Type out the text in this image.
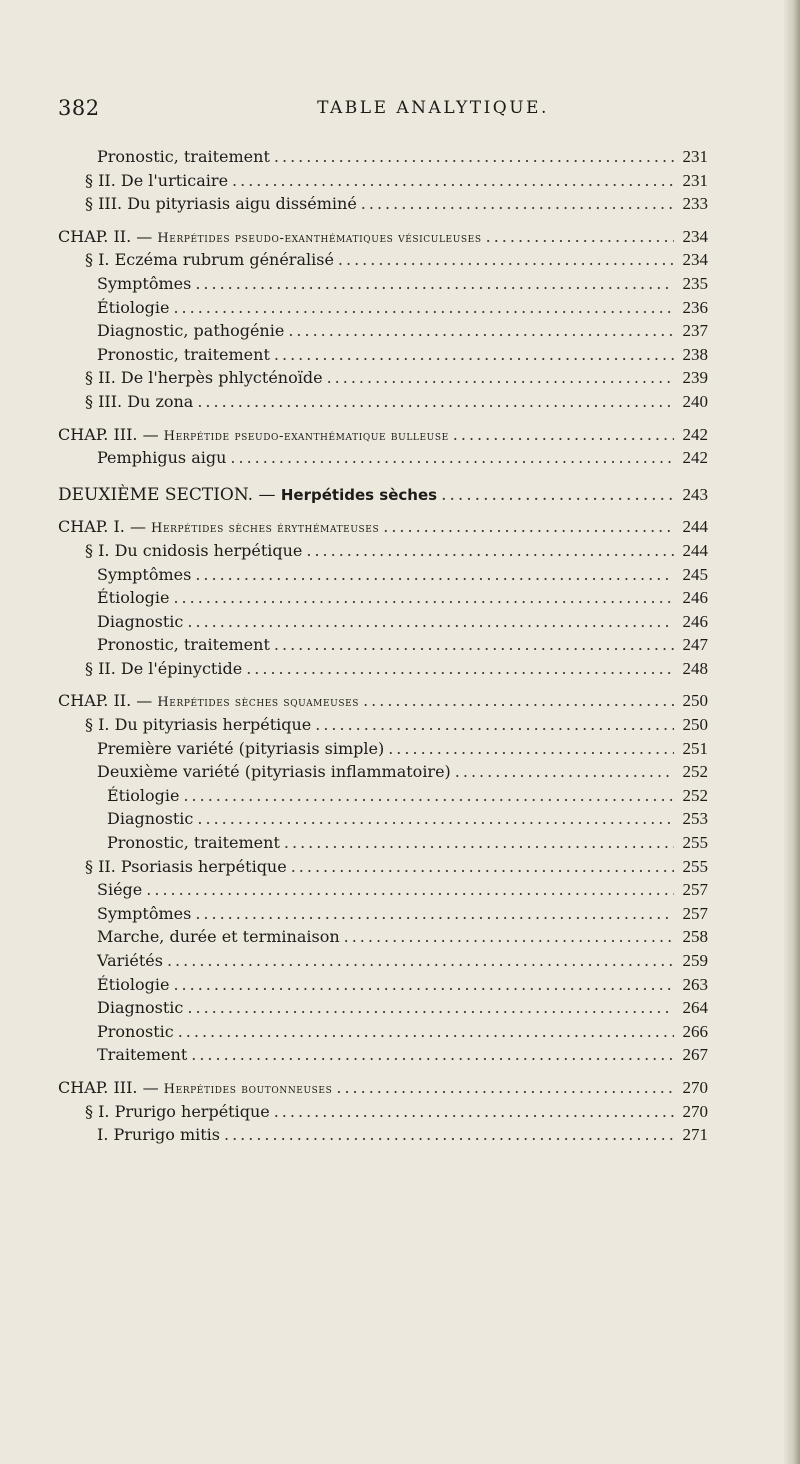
382	TABLE ANALYTIQUE.
Pronostic, traitement .....	231
§ II. De l'urticaire .....	231
§ III. Du pityriasis aigu disséminé .....	233
CHAP. II. — Herpétides pseudo-exanthématiques vésiculeuses .....	234
§ I. Eczéma rubrum généralisé .....	234
Symptômes .....	235
Étiologie .....	236
Diagnostic, pathogénie .....	237
Pronostic, traitement .....	238
§ II. De l'herpès phlycténoïde .....	239
§ III. Du zona .....	240
CHAP. III. — Herpétide pseudo-exanthématique bulleuse .....	242
Pemphigus aigu .....	242
DEUXIÈME SECTION. — Herpétides sèches .....	243
CHAP. I. — Herpétides sèches érythémateuses .....	244
§ I. Du cnidosis herpétique .....	244
Symptômes .....	245
Étiologie .....	246
Diagnostic .....	246
Pronostic, traitement .....	247
§ II. De l'épinyctide .....	248
CHAP. II. — Herpétides sèches squameuses .....	250
§ I. Du pityriasis herpétique .....	250
Première variété (pityriasis simple) .....	251
Deuxième variété (pityriasis inflammatoire) .....	252
Étiologie .....	252
Diagnostic .....	253
Pronostic, traitement .....	255
§ II. Psoriasis herpétique .....	255
Siége .....	257
Symptômes .....	257
Marche, durée et terminaison .....	258
Variétés .....	259
Étiologie .....	263
Diagnostic .....	264
Pronostic .....	266
Traitement .....	267
CHAP. III. — Herpétides boutonneuses .....	270
§ I. Prurigo herpétique .....	270
I. Prurigo mitis .....	271
